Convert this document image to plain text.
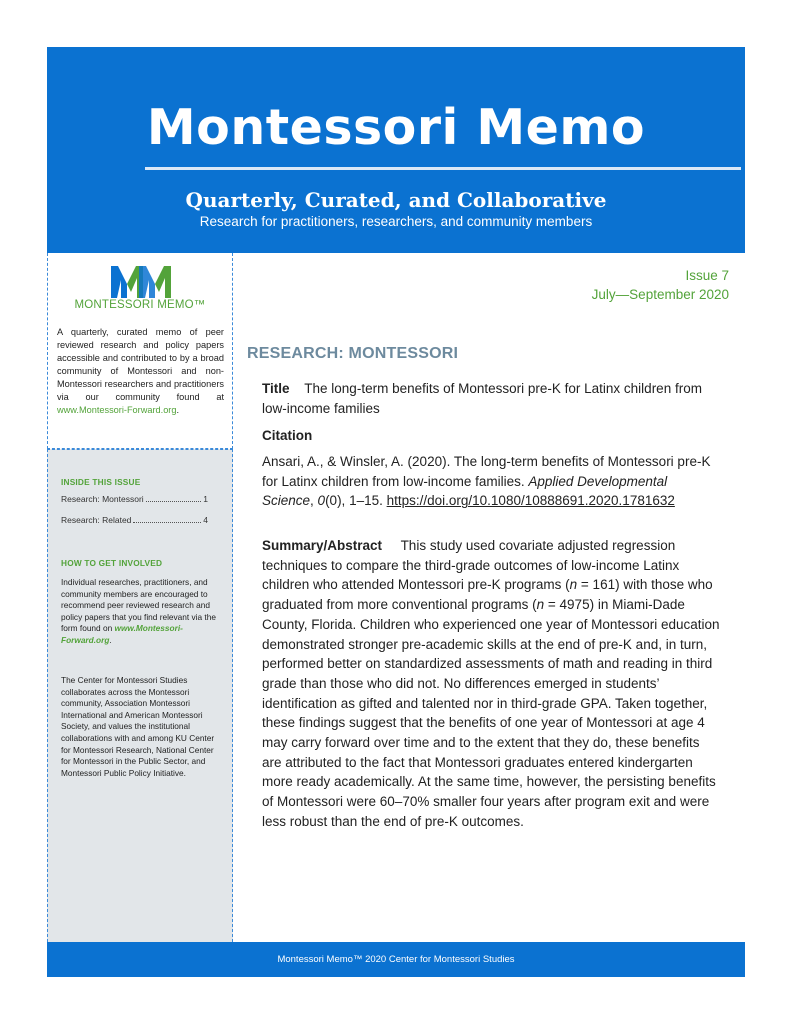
Montessori Memo
Quarterly, Curated, and Collaborative
Research for practitioners, researchers, and community members
MONTESSORI MEMO™
A quarterly, curated memo of peer reviewed research and policy papers accessible and contributed to by a broad community of Montessori and non-Montessori researchers and practitioners via our community found at www.Montessori-Forward.org.
INSIDE THIS ISSUE
Research: Montessori	1
Research: Related	4
HOW TO GET INVOLVED
Individual researches, practitioners, and community members are encouraged to recommend peer reviewed research and policy papers that you find relevant via the form found on www.Montessori-Forward.org.
The Center for Montessori Studies collaborates across the Montessori community, Association Montessori International and American Montessori Society, and values the institutional collaborations with and among KU Center for Montessori Research, National Center for Montessori in the Public Sector, and Montessori Public Policy Initiative.
Issue 7
July—September 2020
RESEARCH: MONTESSORI
Title The long-term benefits of Montessori pre-K for Latinx children from low-income families
Citation
Ansari, A., & Winsler, A. (2020). The long-term benefits of Montessori pre-K for Latinx children from low-income families. Applied Developmental Science, 0(0), 1–15. https://doi.org/10.1080/10888691.2020.1781632
Summary/Abstract This study used covariate adjusted regression techniques to compare the third-grade outcomes of low-income Latinx children who attended Montessori pre-K programs (n = 161) with those who graduated from more conventional programs (n = 4975) in Miami-Dade County, Florida. Children who experienced one year of Montessori education demonstrated stronger pre-academic skills at the end of pre-K and, in turn, performed better on standardized assessments of math and reading in third grade than those who did not. No differences emerged in students’ identification as gifted and talented nor in third-grade GPA. Taken together, these findings suggest that the benefits of one year of Montessori at age 4 may carry forward over time and to the extent that they do, these benefits are attributed to the fact that Montessori graduates entered kindergarten more ready academically. At the same time, however, the persisting benefits of Montessori were 60–70% smaller four years after program exit and were less robust than the end of pre-K outcomes.
Montessori Memo™ 2020 Center for Montessori Studies
